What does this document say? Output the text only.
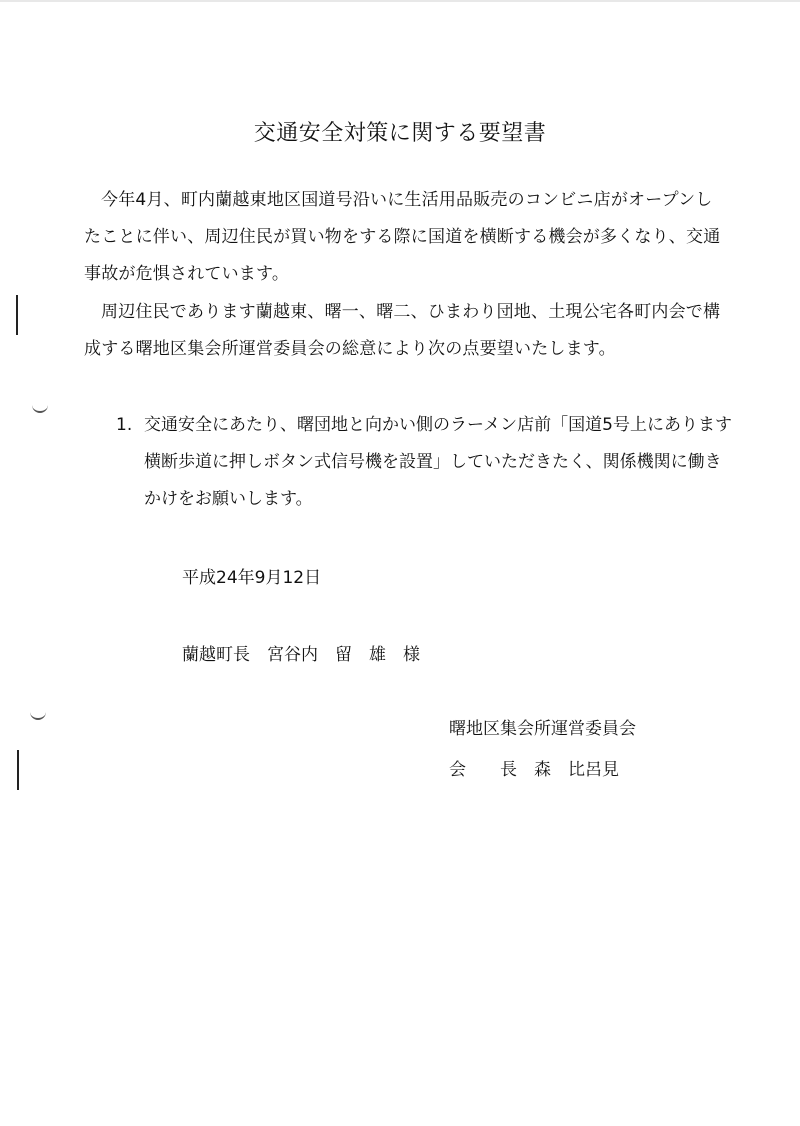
交通安全対策に関する要望書
今年4月、町内蘭越東地区国道号沿いに生活用品販売のコンビニ店がオープンしたことに伴い、周辺住民が買い物をする際に国道を横断する機会が多くなり、交通事故が危惧されています。
周辺住民であります蘭越東、曙一、曙二、ひまわり団地、土現公宅各町内会で構成する曙地区集会所運営委員会の総意により次の点要望いたします。
1. 交通安全にあたり、曙団地と向かい側のラーメン店前「国道5号上にあります横断歩道に押しボタン式信号機を設置」していただきたく、関係機関に働きかけをお願いします。
平成24年9月12日
蘭越町長　宮谷内　留　雄　様
曙地区集会所運営委員会
会　　長　森　比呂見
